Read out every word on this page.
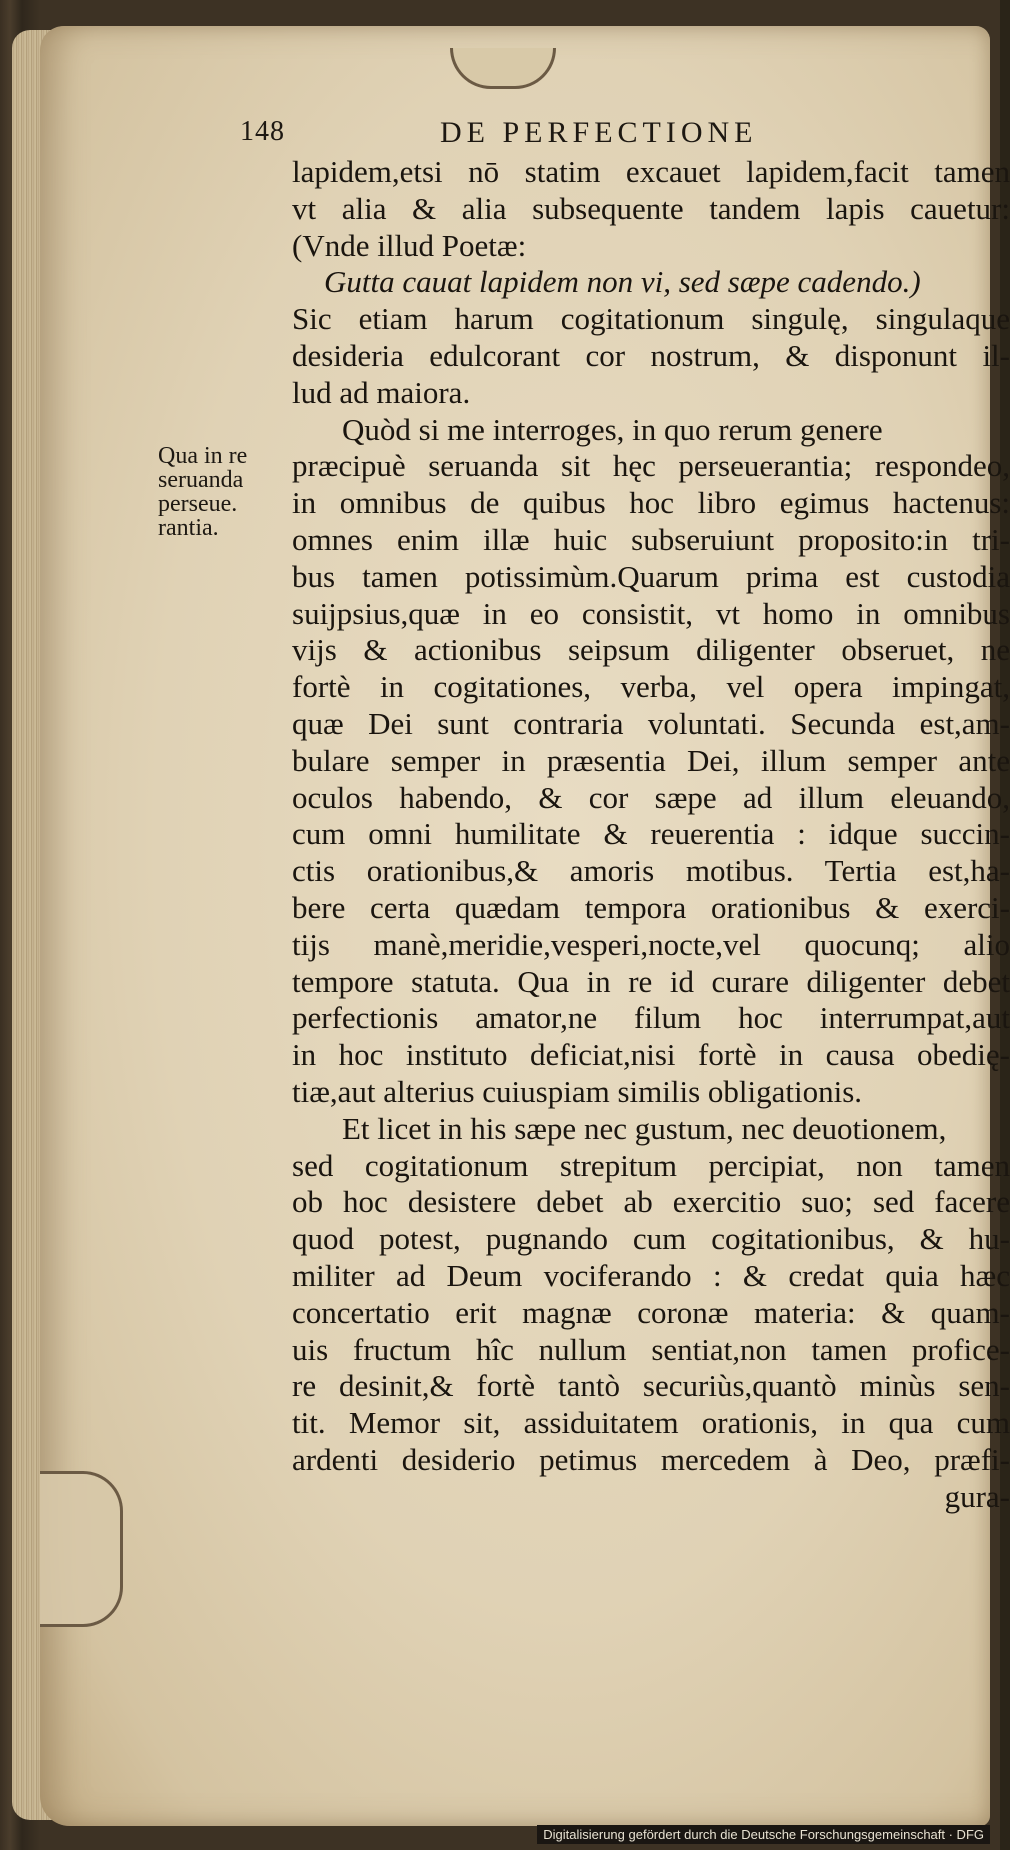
148	DE PERFECTIONE
Qua in re
seruanda
perseue.
rantia.
lapidem,etsi nō statim excauet lapidem,facit tamen
vt alia & alia subsequente tandem lapis cauetur:
(Vnde illud Poetæ:
Gutta cauat lapidem non vi, sed sæpe cadendo.)
Sic etiam harum cogitationum singulę, singulaque
desideria edulcorant cor nostrum, & disponunt il-
lud ad maiora.
Quòd si me interroges, in quo rerum genere
præcipuè seruanda sit hęc perseuerantia; respondeo,
in omnibus de quibus hoc libro egimus hactenus:
omnes enim illæ huic subseruiunt proposito:in tri-
bus tamen potissimùm.Quarum prima est custodia
suijpsius,quæ in eo consistit, vt homo in omnibus
vijs & actionibus seipsum diligenter obseruet, ne
fortè in cogitationes, verba, vel opera impingat,
quæ Dei sunt contraria voluntati. Secunda est,am-
bulare semper in præsentia Dei, illum semper ante
oculos habendo, & cor sæpe ad illum eleuando,
cum omni humilitate & reuerentia : idque succin-
ctis orationibus,& amoris motibus. Tertia est,ha-
bere certa quædam tempora orationibus & exerci-
tijs manè,meridie,vesperi,nocte,vel quocunq; alio
tempore statuta. Qua in re id curare diligenter debet
perfectionis amator,ne filum hoc interrumpat,aut
in hoc instituto deficiat,nisi fortè in causa obedię-
tiæ,aut alterius cuiuspiam similis obligationis.
Et licet in his sæpe nec gustum, nec deuotionem,
sed cogitationum strepitum percipiat, non tamen
ob hoc desistere debet ab exercitio suo; sed facere
quod potest, pugnando cum cogitationibus, & hu-
militer ad Deum vociferando : & credat quia hæc
concertatio erit magnæ coronæ materia: & quam-
uis fructum hîc nullum sentiat,non tamen profice-
re desinit,& fortè tantò securiùs,quantò minùs sen-
tit. Memor sit, assiduitatem orationis, in qua cum
ardenti desiderio petimus mercedem à Deo, præfi-
gura-
Digitalisierung gefördert durch die Deutsche Forschungsgemeinschaft · DFG
